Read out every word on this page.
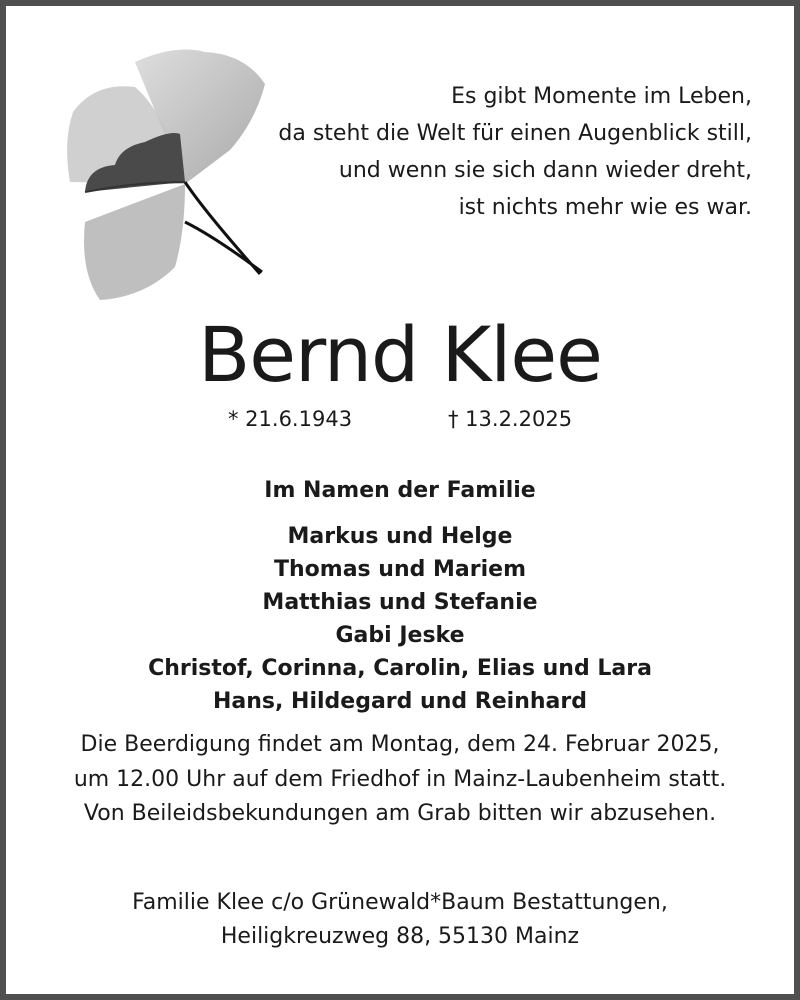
Es gibt Momente im Leben,
da steht die Welt für einen Augenblick still,
und wenn sie sich dann wieder dreht,
ist nichts mehr wie es war.
Bernd Klee
* 21.6.1943	† 13.2.2025
Im Namen der Familie
Markus und Helge
Thomas und Mariem
Matthias und Stefanie
Gabi Jeske
Christof, Corinna, Carolin, Elias und Lara
Hans, Hildegard und Reinhard
Die Beerdigung findet am Montag, dem 24. Februar 2025,
um 12.00 Uhr auf dem Friedhof in Mainz-Laubenheim statt.
Von Beileidsbekundungen am Grab bitten wir abzusehen.
Familie Klee c/o Grünewald*Baum Bestattungen,
Heiligkreuzweg 88, 55130 Mainz
